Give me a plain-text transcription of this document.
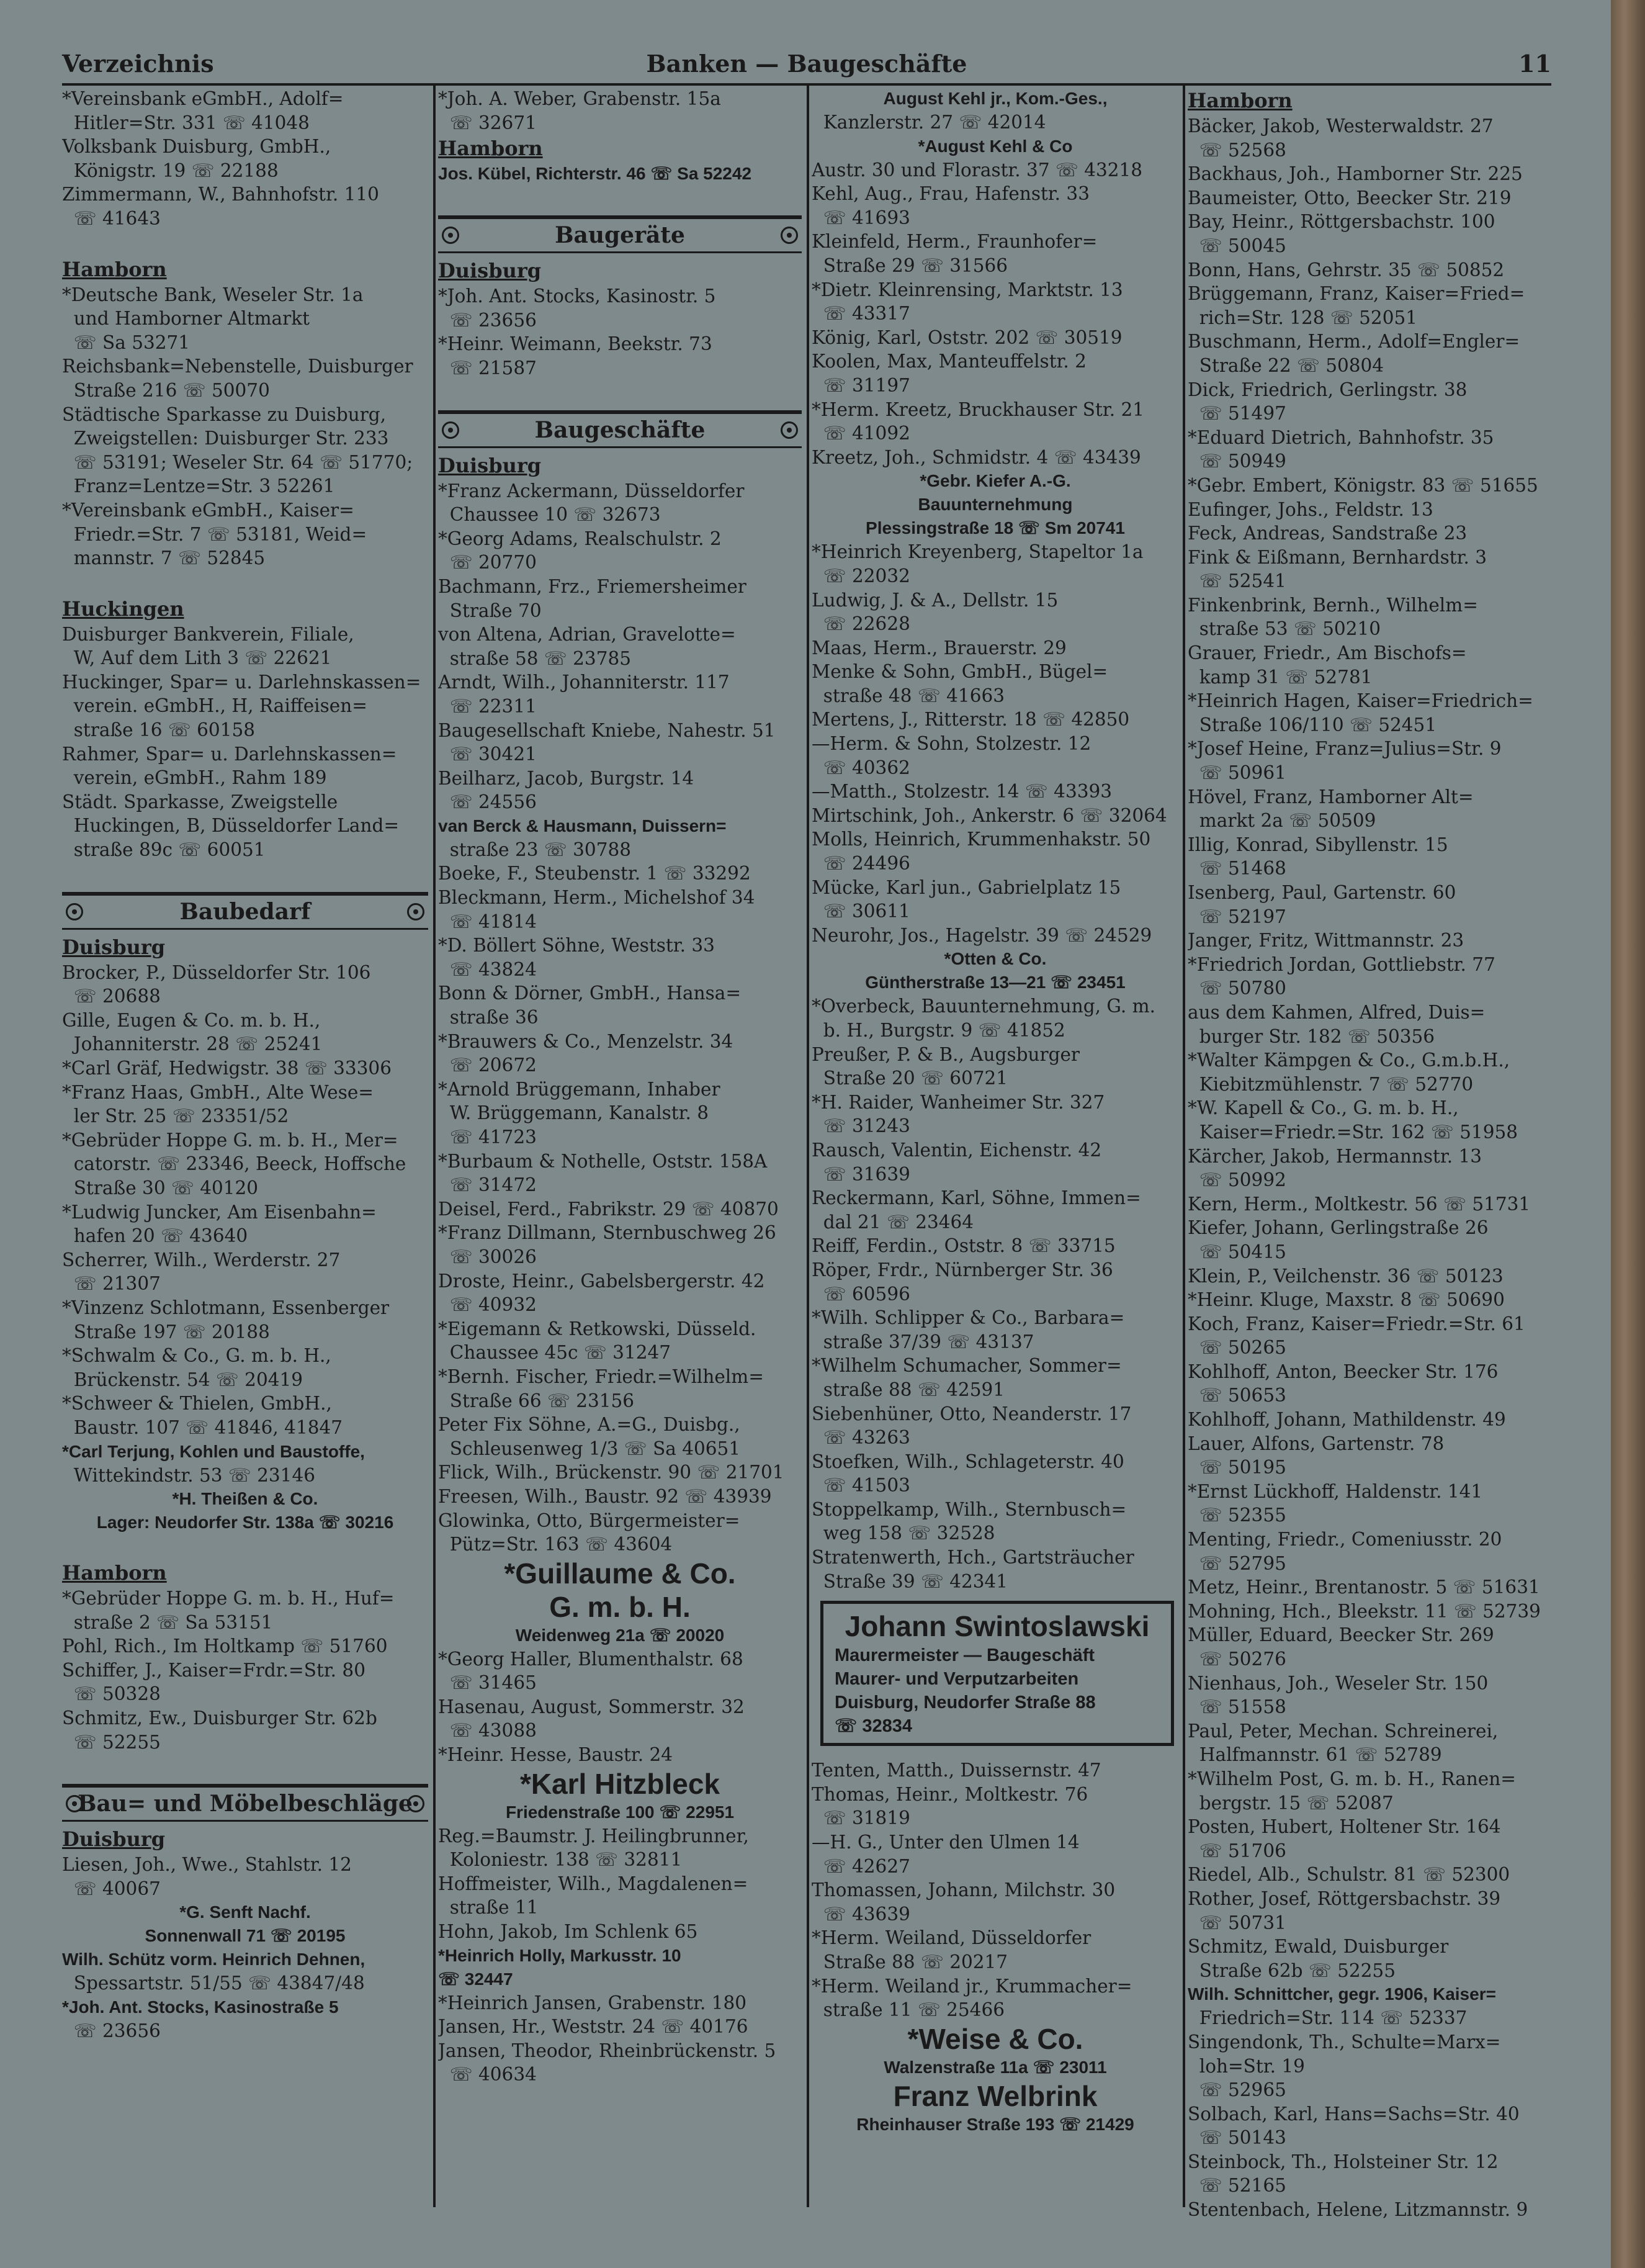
Verzeichnis	Banken — Baugeschäfte	11

*Vereinsbank eGmbH., Adolf=

Hitler=Str. 331 ☏ 41048

Volksbank Duisburg, GmbH.,

Königstr. 19 ☏ 22188

Zimmermann, W., Bahnhofstr. 110

☏ 41643

Hamborn

*Deutsche Bank, Weseler Str. 1a

und Hamborner Altmarkt

☏ Sa 53271

Reichsbank=Nebenstelle, Duisburger

Straße 216 ☏ 50070

Städtische Sparkasse zu Duisburg,

Zweigstellen: Duisburger Str. 233

☏ 53191; Weseler Str. 64 ☏ 51770;

Franz=Lentze=Str. 3 52261

*Vereinsbank eGmbH., Kaiser=

Friedr.=Str. 7 ☏ 53181, Weid=

mannstr. 7 ☏ 52845

Huckingen

Duisburger Bankverein, Filiale,

W, Auf dem Lith 3 ☏ 22621

Huckinger, Spar= u. Darlehnskassen=

verein. eGmbH., H, Raiffeisen=

straße 16 ☏ 60158

Rahmer, Spar= u. Darlehnskassen=

verein, eGmbH., Rahm 189

Städt. Sparkasse, Zweigstelle

Huckingen, B, Düsseldorfer Land=

straße 89c ☏ 60051

Baubedarf

Duisburg

Brocker, P., Düsseldorfer Str. 106

☏ 20688

Gille, Eugen & Co. m. b. H.,

Johanniterstr. 28 ☏ 25241

*Carl Gräf, Hedwigstr. 38 ☏ 33306

*Franz Haas, GmbH., Alte Wese=

ler Str. 25 ☏ 23351/52

*Gebrüder Hoppe G. m. b. H., Mer=

catorstr. ☏ 23346, Beeck, Hoffsche

Straße 30 ☏ 40120

*Ludwig Juncker, Am Eisenbahn=

hafen 20 ☏ 43640

Scherrer, Wilh., Werderstr. 27

☏ 21307

*Vinzenz Schlotmann, Essenberger

Straße 197 ☏ 20188

*Schwalm & Co., G. m. b. H.,

Brückenstr. 54 ☏ 20419

*Schweer & Thielen, GmbH.,

Baustr. 107 ☏ 41846, 41847

*Carl Terjung, Kohlen und Baustoffe,

Wittekindstr. 53 ☏ 23146

*H. Theißen & Co.

Lager: Neudorfer Str. 138a ☏ 30216

Hamborn

*Gebrüder Hoppe G. m. b. H., Huf=

straße 2 ☏ Sa 53151

Pohl, Rich., Im Holtkamp ☏ 51760

Schiffer, J., Kaiser=Frdr.=Str. 80

☏ 50328

Schmitz, Ew., Duisburger Str. 62b

☏ 52255

Bau= und Möbelbeschläge

Duisburg

Liesen, Joh., Wwe., Stahlstr. 12

☏ 40067

*G. Senft Nachf.

Sonnenwall 71 ☏ 20195

Wilh. Schütz vorm. Heinrich Dehnen,

Spessartstr. 51/55 ☏ 43847/48

*Joh. Ant. Stocks, Kasinostraße 5

☏ 23656

*Joh. A. Weber, Grabenstr. 15a

☏ 32671

Hamborn

Jos. Kübel, Richterstr. 46 ☏ Sa 52242

Baugeräte

Duisburg

*Joh. Ant. Stocks, Kasinostr. 5

☏ 23656

*Heinr. Weimann, Beekstr. 73

☏ 21587

Baugeschäfte

Duisburg

*Franz Ackermann, Düsseldorfer

Chaussee 10 ☏ 32673

*Georg Adams, Realschulstr. 2

☏ 20770

Bachmann, Frz., Friemersheimer

Straße 70

von Altena, Adrian, Gravelotte=

straße 58 ☏ 23785

Arndt, Wilh., Johanniterstr. 117

☏ 22311

Baugesellschaft Kniebe, Nahestr. 51

☏ 30421

Beilharz, Jacob, Burgstr. 14

☏ 24556

van Berck & Hausmann, Duissern=

straße 23 ☏ 30788

Boeke, F., Steubenstr. 1 ☏ 33292

Bleckmann, Herm., Michelshof 34

☏ 41814

*D. Böllert Söhne, Weststr. 33

☏ 43824

Bonn & Dörner, GmbH., Hansa=

straße 36

*Brauwers & Co., Menzelstr. 34

☏ 20672

*Arnold Brüggemann, Inhaber

W. Brüggemann, Kanalstr. 8

☏ 41723

*Burbaum & Nothelle, Oststr. 158A

☏ 31472

Deisel, Ferd., Fabrikstr. 29 ☏ 40870

*Franz Dillmann, Sternbuschweg 26

☏ 30026

Droste, Heinr., Gabelsbergerstr. 42

☏ 40932

*Eigemann & Retkowski, Düsseld.

Chaussee 45c ☏ 31247

*Bernh. Fischer, Friedr.=Wilhelm=

Straße 66 ☏ 23156

Peter Fix Söhne, A.=G., Duisbg.,

Schleusenweg 1/3 ☏ Sa 40651

Flick, Wilh., Brückenstr. 90 ☏ 21701

Freesen, Wilh., Baustr. 92 ☏ 43939

Glowinka, Otto, Bürgermeister=

Pütz=Str. 163 ☏ 43604

*Guillaume & Co.

G. m. b. H.

Weidenweg 21a ☏ 20020

*Georg Haller, Blumenthalstr. 68

☏ 31465

Hasenau, August, Sommerstr. 32

☏ 43088

*Heinr. Hesse, Baustr. 24

*Karl Hitzbleck

Friedenstraße 100 ☏ 22951

Reg.=Baumstr. J. Heilingbrunner,

Koloniestr. 138 ☏ 32811

Hoffmeister, Wilh., Magdalenen=

straße 11

Hohn, Jakob, Im Schlenk 65

*Heinrich Holly, Markusstr. 10

☏ 32447

*Heinrich Jansen, Grabenstr. 180

Jansen, Hr., Weststr. 24 ☏ 40176

Jansen, Theodor, Rheinbrückenstr. 5

☏ 40634

August Kehl jr., Kom.-Ges.,

Kanzlerstr. 27 ☏ 42014

*August Kehl & Co

Austr. 30 und Florastr. 37 ☏ 43218

Kehl, Aug., Frau, Hafenstr. 33

☏ 41693

Kleinfeld, Herm., Fraunhofer=

Straße 29 ☏ 31566

*Dietr. Kleinrensing, Marktstr. 13

☏ 43317

König, Karl, Oststr. 202 ☏ 30519

Koolen, Max, Manteuffelstr. 2

☏ 31197

*Herm. Kreetz, Bruckhauser Str. 21

☏ 41092

Kreetz, Joh., Schmidstr. 4 ☏ 43439

*Gebr. Kiefer A.-G.

Bauunternehmung

Plessingstraße 18 ☏ Sm 20741

*Heinrich Kreyenberg, Stapeltor 1a

☏ 22032

Ludwig, J. & A., Dellstr. 15

☏ 22628

Maas, Herm., Brauerstr. 29

Menke & Sohn, GmbH., Bügel=

straße 48 ☏ 41663

Mertens, J., Ritterstr. 18 ☏ 42850

—Herm. & Sohn, Stolzestr. 12

☏ 40362

—Matth., Stolzestr. 14 ☏ 43393

Mirtschink, Joh., Ankerstr. 6 ☏ 32064

Molls, Heinrich, Krummenhakstr. 50

☏ 24496

Mücke, Karl jun., Gabrielplatz 15

☏ 30611

Neurohr, Jos., Hagelstr. 39 ☏ 24529

*Otten & Co.

Güntherstraße 13—21 ☏ 23451

*Overbeck, Bauunternehmung, G. m.

b. H., Burgstr. 9 ☏ 41852

Preußer, P. & B., Augsburger

Straße 20 ☏ 60721

*H. Raider, Wanheimer Str. 327

☏ 31243

Rausch, Valentin, Eichenstr. 42

☏ 31639

Reckermann, Karl, Söhne, Immen=

dal 21 ☏ 23464

Reiff, Ferdin., Oststr. 8 ☏ 33715

Röper, Frdr., Nürnberger Str. 36

☏ 60596

*Wilh. Schlipper & Co., Barbara=

straße 37/39 ☏ 43137

*Wilhelm Schumacher, Sommer=

straße 88 ☏ 42591

Siebenhüner, Otto, Neanderstr. 17

☏ 43263

Stoefken, Wilh., Schlageterstr. 40

☏ 41503

Stoppelkamp, Wilh., Sternbusch=

weg 158 ☏ 32528

Stratenwerth, Hch., Gartsträucher

Straße 39 ☏ 42341

Johann Swintoslawski
Maurermeister — Baugeschäft
Maurer- und Verputzarbeiten
Duisburg, Neudorfer Straße 88
☏ 32834

Tenten, Matth., Duissernstr. 47

Thomas, Heinr., Moltkestr. 76

☏ 31819

—H. G., Unter den Ulmen 14

☏ 42627

Thomassen, Johann, Milchstr. 30

☏ 43639

*Herm. Weiland, Düsseldorfer

Straße 88 ☏ 20217

*Herm. Weiland jr., Krummacher=

straße 11 ☏ 25466

*Weise & Co.

Walzenstraße 11a ☏ 23011

Franz Welbrink

Rheinhauser Straße 193 ☏ 21429

Hamborn

Bäcker, Jakob, Westerwaldstr. 27

☏ 52568

Backhaus, Joh., Hamborner Str. 225

Baumeister, Otto, Beecker Str. 219

Bay, Heinr., Röttgersbachstr. 100

☏ 50045

Bonn, Hans, Gehrstr. 35 ☏ 50852

Brüggemann, Franz, Kaiser=Fried=

rich=Str. 128 ☏ 52051

Buschmann, Herm., Adolf=Engler=

Straße 22 ☏ 50804

Dick, Friedrich, Gerlingstr. 38

☏ 51497

*Eduard Dietrich, Bahnhofstr. 35

☏ 50949

*Gebr. Embert, Königstr. 83 ☏ 51655

Eufinger, Johs., Feldstr. 13

Feck, Andreas, Sandstraße 23

Fink & Eißmann, Bernhardstr. 3

☏ 52541

Finkenbrink, Bernh., Wilhelm=

straße 53 ☏ 50210

Grauer, Friedr., Am Bischofs=

kamp 31 ☏ 52781

*Heinrich Hagen, Kaiser=Friedrich=

Straße 106/110 ☏ 52451

*Josef Heine, Franz=Julius=Str. 9

☏ 50961

Hövel, Franz, Hamborner Alt=

markt 2a ☏ 50509

Illig, Konrad, Sibyllenstr. 15

☏ 51468

Isenberg, Paul, Gartenstr. 60

☏ 52197

Janger, Fritz, Wittmannstr. 23

*Friedrich Jordan, Gottliebstr. 77

☏ 50780

aus dem Kahmen, Alfred, Duis=

burger Str. 182 ☏ 50356

*Walter Kämpgen & Co., G.m.b.H.,

Kiebitzmühlenstr. 7 ☏ 52770

*W. Kapell & Co., G. m. b. H.,

Kaiser=Friedr.=Str. 162 ☏ 51958

Kärcher, Jakob, Hermannstr. 13

☏ 50992

Kern, Herm., Moltkestr. 56 ☏ 51731

Kiefer, Johann, Gerlingstraße 26

☏ 50415

Klein, P., Veilchenstr. 36 ☏ 50123

*Heinr. Kluge, Maxstr. 8 ☏ 50690

Koch, Franz, Kaiser=Friedr.=Str. 61

☏ 50265

Kohlhoff, Anton, Beecker Str. 176

☏ 50653

Kohlhoff, Johann, Mathildenstr. 49

Lauer, Alfons, Gartenstr. 78

☏ 50195

*Ernst Lückhoff, Haldenstr. 141

☏ 52355

Menting, Friedr., Comeniusstr. 20

☏ 52795

Metz, Heinr., Brentanostr. 5 ☏ 51631

Mohning, Hch., Bleekstr. 11 ☏ 52739

Müller, Eduard, Beecker Str. 269

☏ 50276

Nienhaus, Joh., Weseler Str. 150

☏ 51558

Paul, Peter, Mechan. Schreinerei,

Halfmannstr. 61 ☏ 52789

*Wilhelm Post, G. m. b. H., Ranen=

bergstr. 15 ☏ 52087

Posten, Hubert, Holtener Str. 164

☏ 51706

Riedel, Alb., Schulstr. 81 ☏ 52300

Rother, Josef, Röttgersbachstr. 39

☏ 50731

Schmitz, Ewald, Duisburger

Straße 62b ☏ 52255

Wilh. Schnittcher, gegr. 1906, Kaiser=

Friedrich=Str. 114 ☏ 52337

Singendonk, Th., Schulte=Marx=

loh=Str. 19

☏ 52965

Solbach, Karl, Hans=Sachs=Str. 40

☏ 50143

Steinbock, Th., Holsteiner Str. 12

☏ 52165

Stentenbach, Helene, Litzmannstr. 9
